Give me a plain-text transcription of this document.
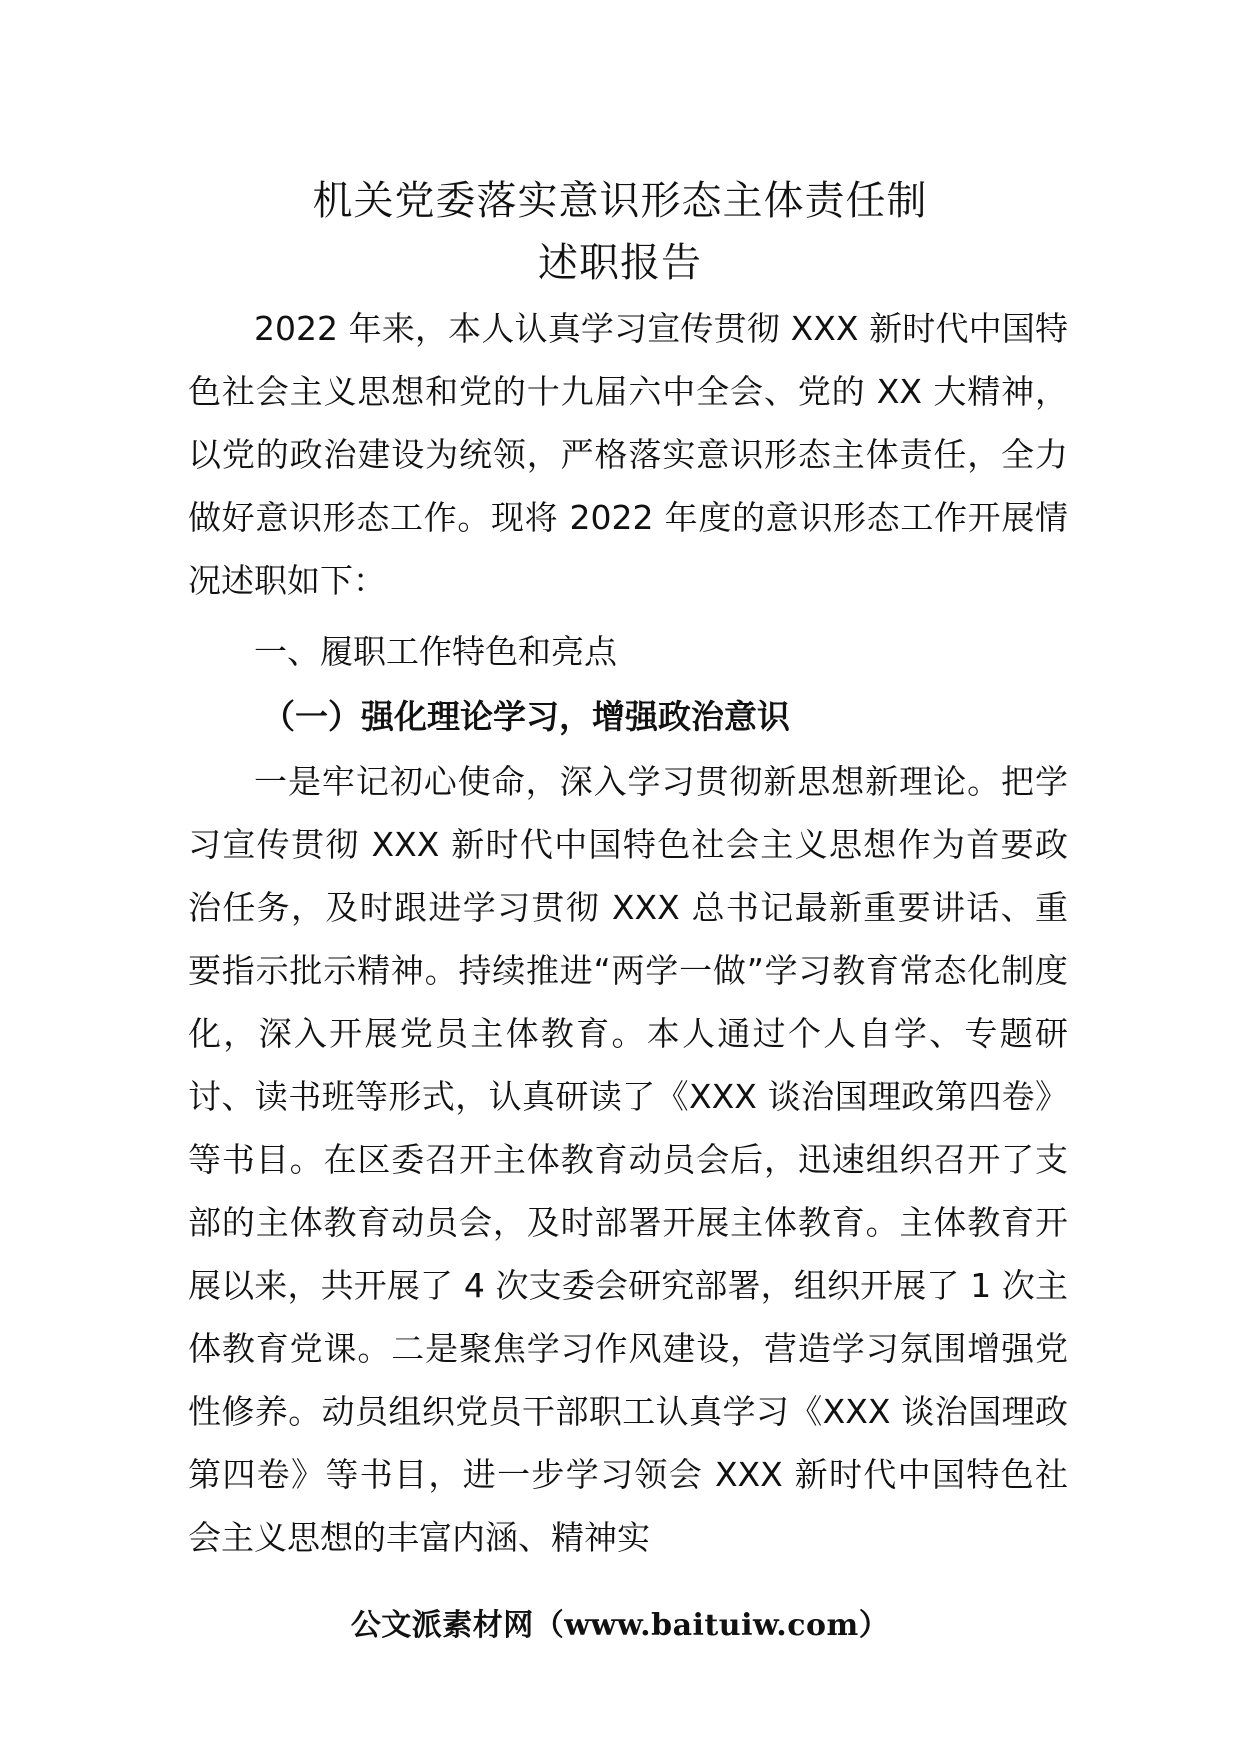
机关党委落实意识形态主体责任制
述职报告

2022 年来，本人认真学习宣传贯彻 XXX 新时代中国特色社会主义思想和党的十九届六中全会、党的 XX 大精神，以党的政治建设为统领，严格落实意识形态主体责任，全力做好意识形态工作。现将 2022 年度的意识形态工作开展情况述职如下：

一、履职工作特色和亮点

（一）强化理论学习，增强政治意识

一是牢记初心使命，深入学习贯彻新思想新理论。把学习宣传贯彻 XXX 新时代中国特色社会主义思想作为首要政治任务，及时跟进学习贯彻 XXX 总书记最新重要讲话、重要指示批示精神。持续推进“两学一做”学习教育常态化制度化，深入开展党员主体教育。本人通过个人自学、专题研讨、读书班等形式，认真研读了《XXX 谈治国理政第四卷》等书目。在区委召开主体教育动员会后，迅速组织召开了支部的主体教育动员会，及时部署开展主体教育。主体教育开展以来，共开展了 4 次支委会研究部署，组织开展了 1 次主体教育党课。二是聚焦学习作风建设，营造学习氛围增强党性修养。动员组织党员干部职工认真学习《XXX 谈治国理政第四卷》等书目，进一步学习领会 XXX 新时代中国特色社会主义思想的丰富内涵、精神实

公文派素材网（www.baituiw.com）
